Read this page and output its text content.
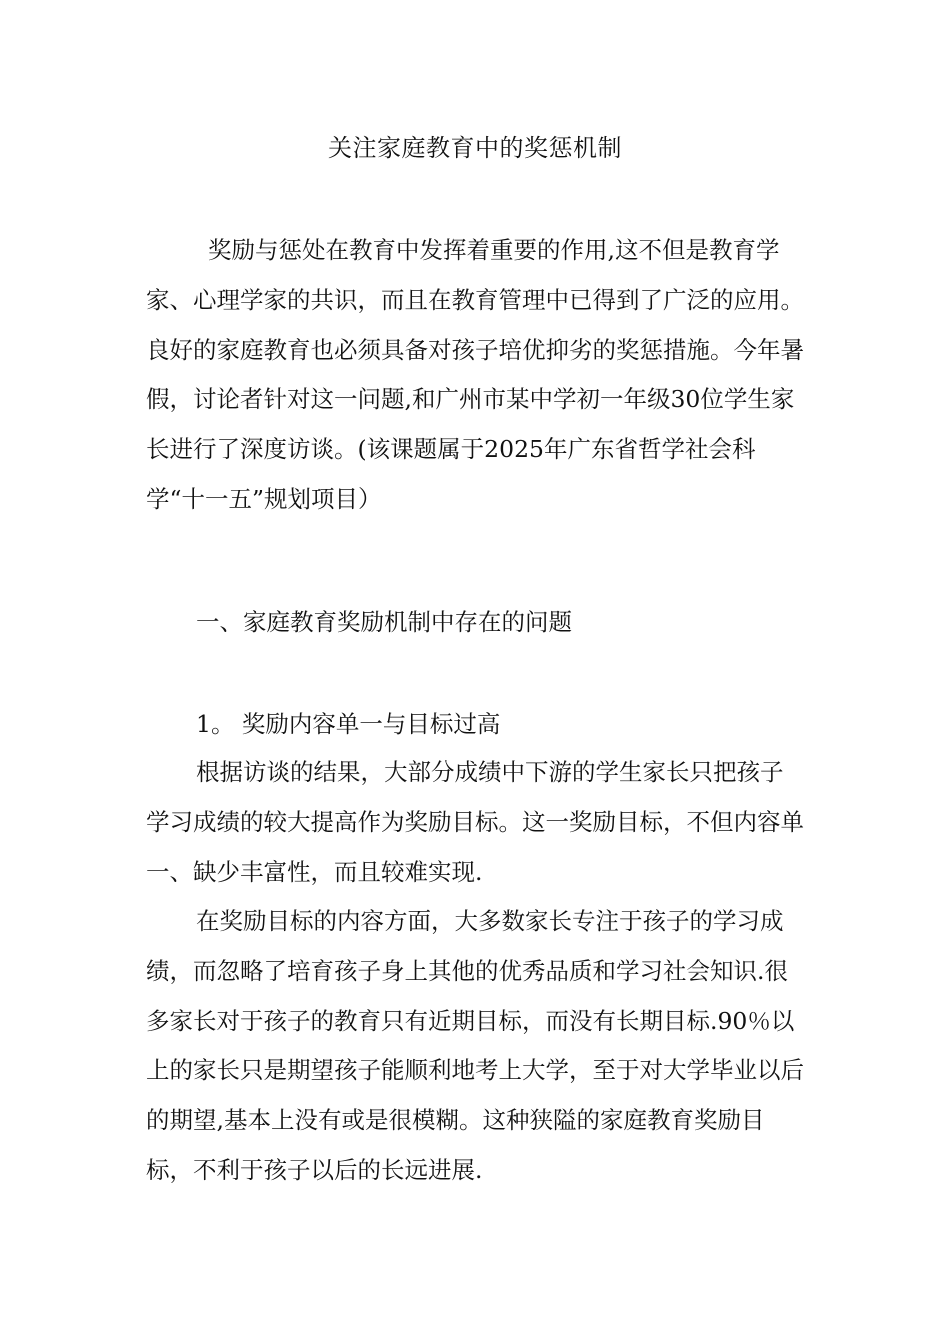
关注家庭教育中的奖惩机制

奖励与惩处在教育中发挥着重要的作用,这不但是教育学家、心理学家的共识，而且在教育管理中已得到了广泛的应用。良好的家庭教育也必须具备对孩子培优抑劣的奖惩措施。今年暑假，讨论者针对这一问题,和广州市某中学初一年级30位学生家长进行了深度访谈。(该课题属于2025年广东省哲学社会科学“十一五”规划项目）

一、家庭教育奖励机制中存在的问题
1。 奖励内容单一与目标过高

根据访谈的结果，大部分成绩中下游的学生家长只把孩子学习成绩的较大提高作为奖励目标。这一奖励目标，不但内容单一、缺少丰富性，而且较难实现.

在奖励目标的内容方面，大多数家长专注于孩子的学习成绩，而忽略了培育孩子身上其他的优秀品质和学习社会知识.很多家长对于孩子的教育只有近期目标，而没有长期目标.90％以上的家长只是期望孩子能顺利地考上大学，至于对大学毕业以后的期望,基本上没有或是很模糊。这种狭隘的家庭教育奖励目标，不利于孩子以后的长远进展.
